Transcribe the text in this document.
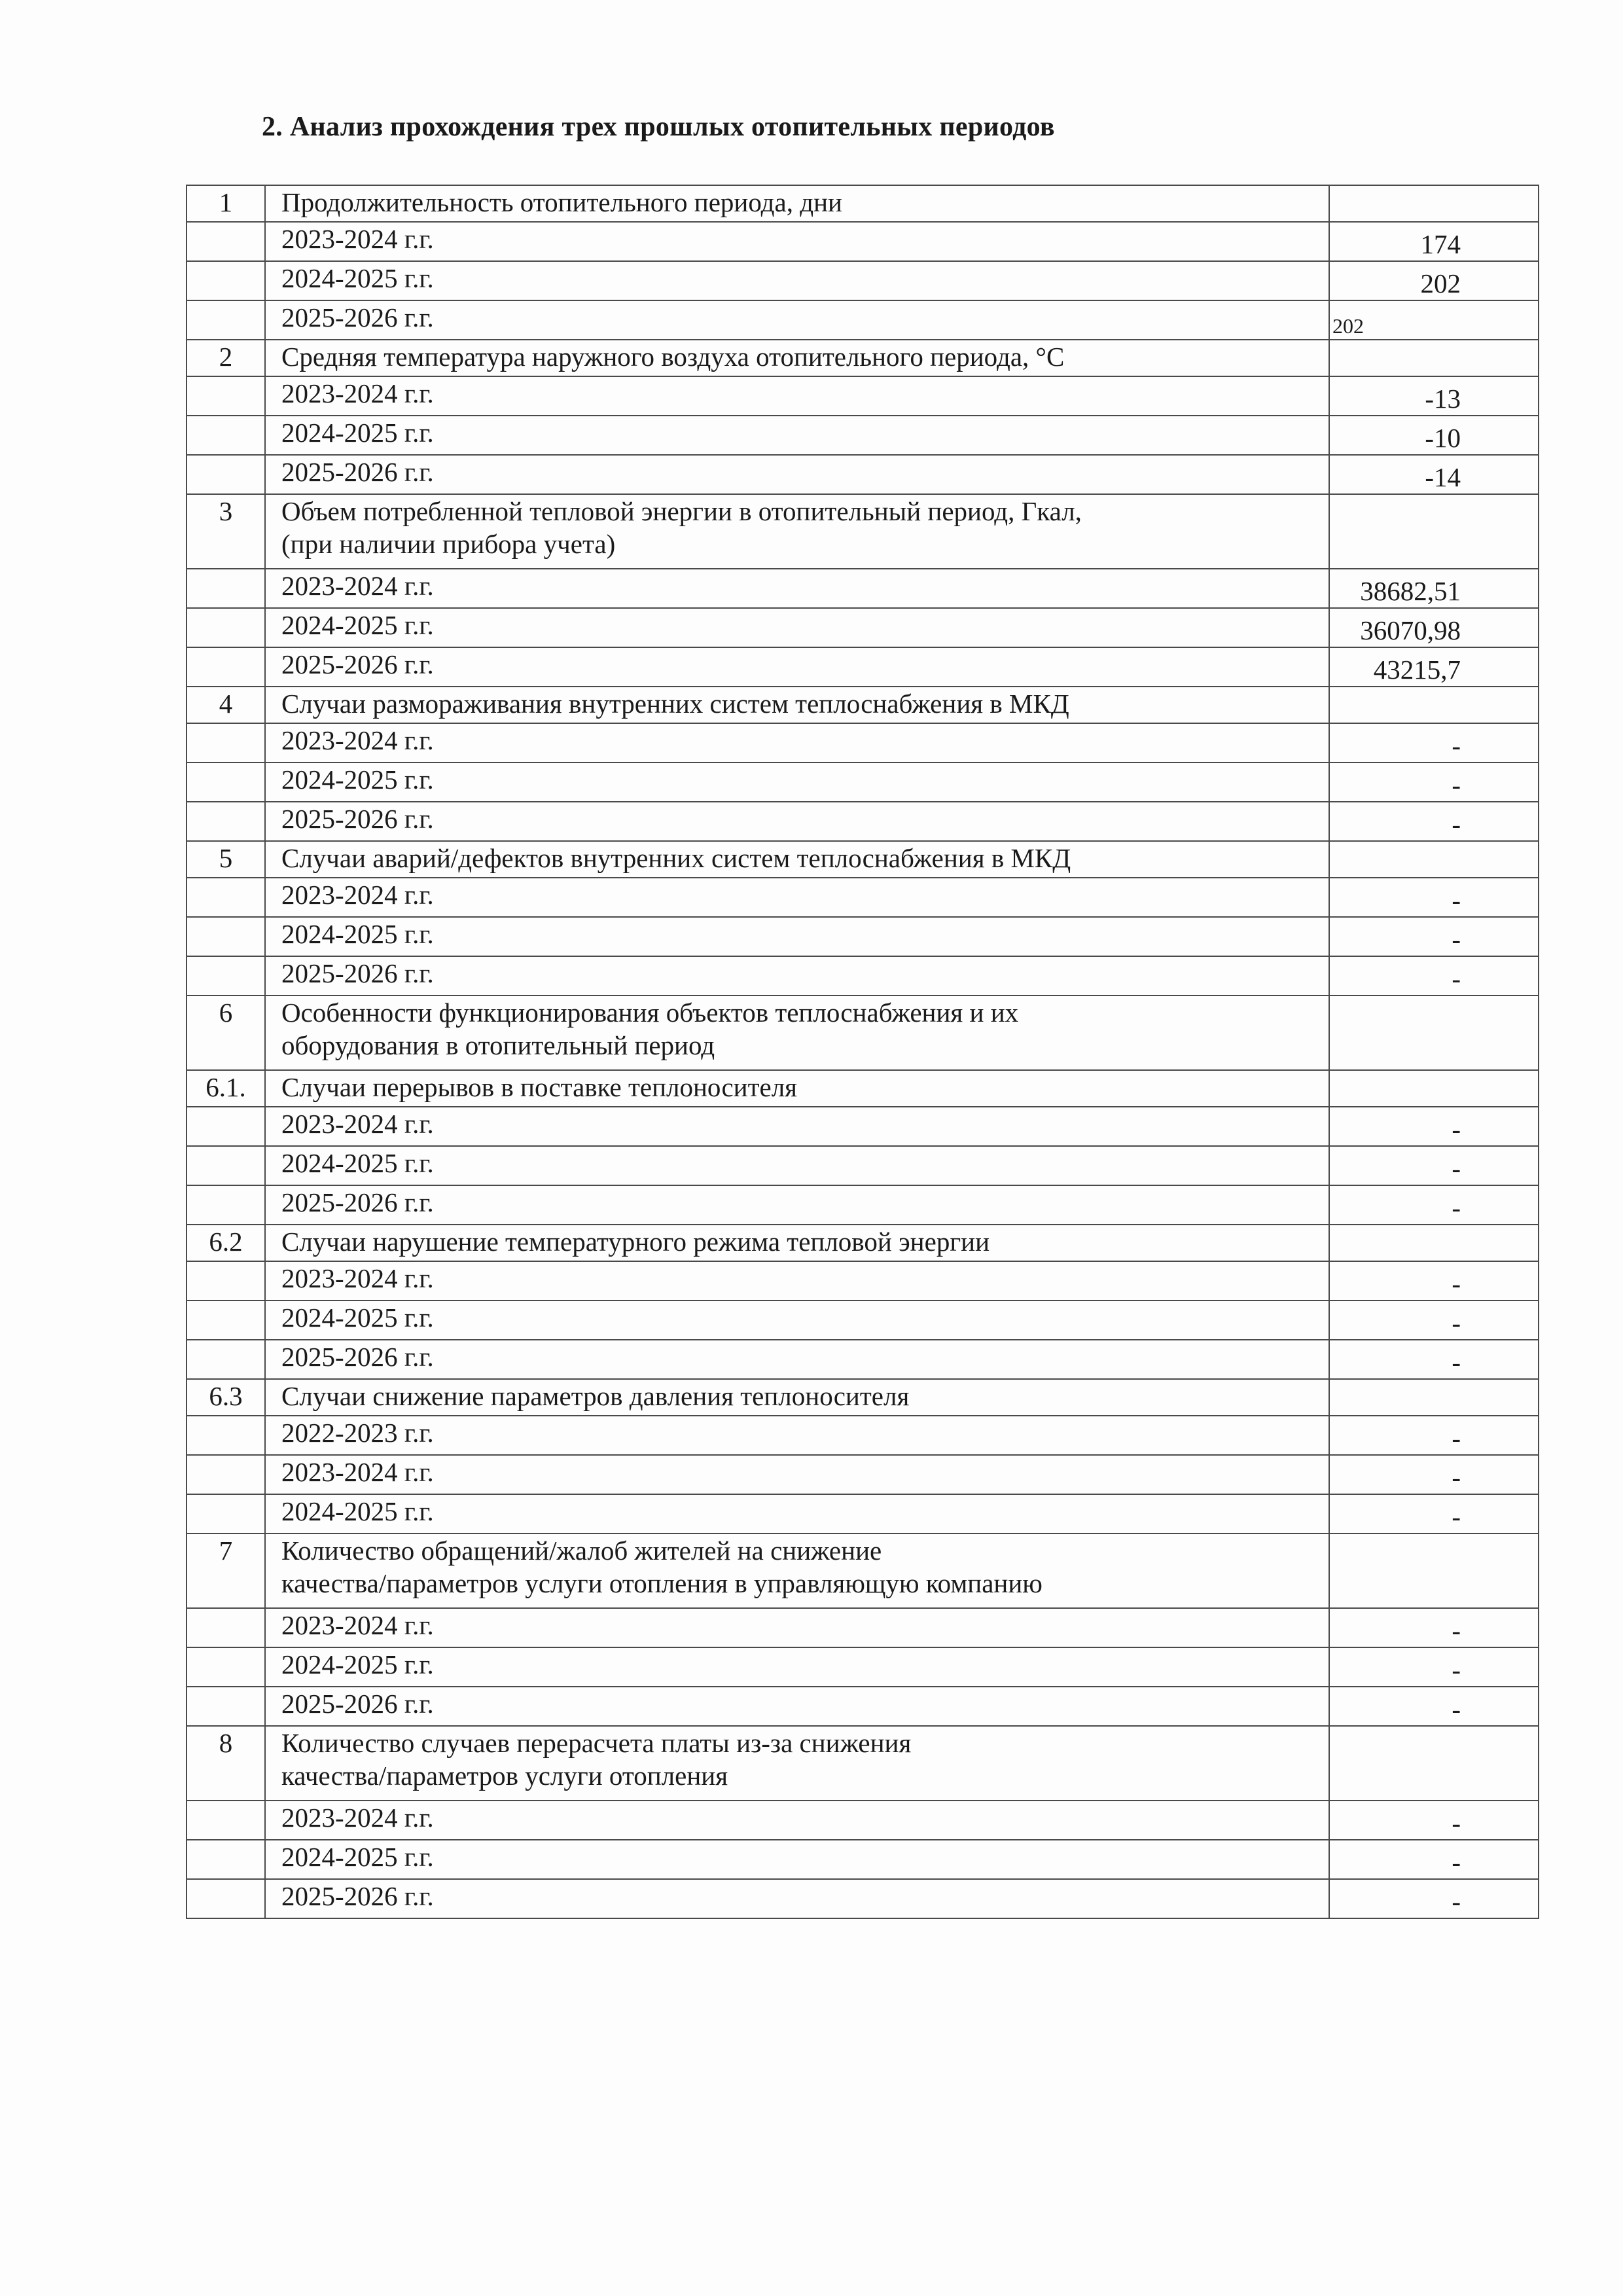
2. Анализ прохождения трех прошлых отопительных периодов
1	Продолжительность отопительного периода, дни	
	2023-2024 г.г.	174
	2024-2025 г.г.	202
	2025-2026 г.г.	202
2	Средняя температура наружного воздуха отопительного периода, °С	
	2023-2024 г.г.	-13
	2024-2025 г.г.	-10
	2025-2026 г.г.	-14
3	Объем потребленной тепловой энергии в отопительный период, Гкал,
(при наличии прибора учета)	

	2023-2024 г.г.	38682,51
	2024-2025 г.г.	36070,98
	2025-2026 г.г.	43215,7
4	Случаи размораживания внутренних систем теплоснабжения в МКД	
	2023-2024 г.г.	-
	2024-2025 г.г.	-
	2025-2026 г.г.	-
5	Случаи аварий/дефектов внутренних систем теплоснабжения в МКД	
	2023-2024 г.г.	-
	2024-2025 г.г.	-
	2025-2026 г.г.	-
6	Особенности функционирования объектов теплоснабжения и их
оборудования в отопительный период	

6.1.	Случаи перерывов в поставке теплоносителя	
	2023-2024 г.г.	-
	2024-2025 г.г.	-
	2025-2026 г.г.	-
6.2	Случаи нарушение температурного режима тепловой энергии	
	2023-2024 г.г.	-
	2024-2025 г.г.	-
	2025-2026 г.г.	-
6.3	Случаи снижение параметров давления теплоносителя	
	2022-2023 г.г.	-
	2023-2024 г.г.	-
	2024-2025 г.г.	-
7	Количество обращений/жалоб жителей на снижение
качества/параметров услуги отопления в управляющую компанию	

	2023-2024 г.г.	-
	2024-2025 г.г.	-
	2025-2026 г.г.	-
8	Количество случаев перерасчета платы из-за снижения
качества/параметров услуги отопления	

	2023-2024 г.г.	-
	2024-2025 г.г.	-
	2025-2026 г.г.	-
